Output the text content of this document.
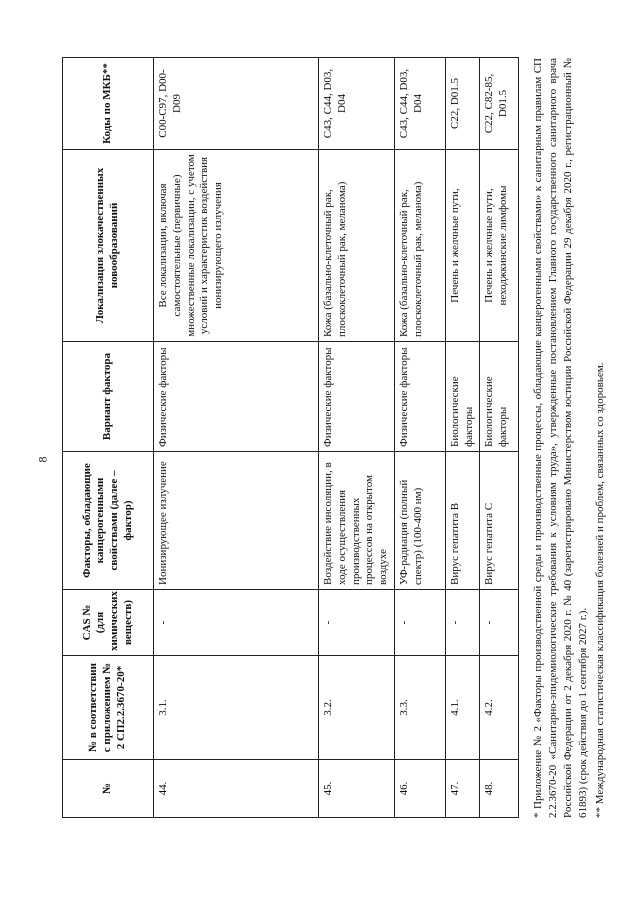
8
№	№ в соответствии с приложением № 2 СП2.2.3670-20*	CAS № (для химических веществ)	Факторы, обладающие канцерогенными свойствами (далее – фактор)	Вариант фактора	Локализация злокачественных новообразований	Коды по МКБ**
44.	3.1.	-	Ионизирующее излучение	Физические факторы	Все локализации, включая самостоятельные (первичные) множественные локализации, с учетом условий и характеристик воздействия ионизирующего излучения	C00-C97, D00-D09
45.	3.2.	-	Воздействие инсоляции, в ходе осуществления производственных процессов на открытом воздухе	Физические факторы	Кожа (базально-клеточный рак, плоскоклеточный рак, меланома)	C43, C44, D03, D04
46.	3.3.	-	УФ-радиация (полный спектр) (100-400 нм)	Физические факторы	Кожа (базально-клеточный рак, плоскоклеточный рак, меланома)	C43, C44, D03, D04
47.	4.1.	-	Вирус гепатита B	Биологические факторы	Печень и желчные пути,	C22, D01.5
48.	4.2.	-	Вирус гепатита C	Биологические факторы	Печень и желчные пути, неходжкинские лимфомы	C22, C82-85, D01.5 * Приложение № 2 «Факторы производственной среды и производственные процессы, обладающие канцерогенными свойствами» к санитарным правилам СП 2.2.3670-20 «Санитарно-эпидемиологические требования к условиям труда», утвержденные постановлением Главного государственного санитарного врача Российской Федерации от 2 декабря 2020 г. № 40 (зарегистрировано Министерством юстиции Российской Федерации 29 декабря 2020 г., регистрационный № 61893) (срок действия до 1 сентября 2027 г.). ** Международная статистическая классификация болезней и проблем, связанных со здоровьем.
